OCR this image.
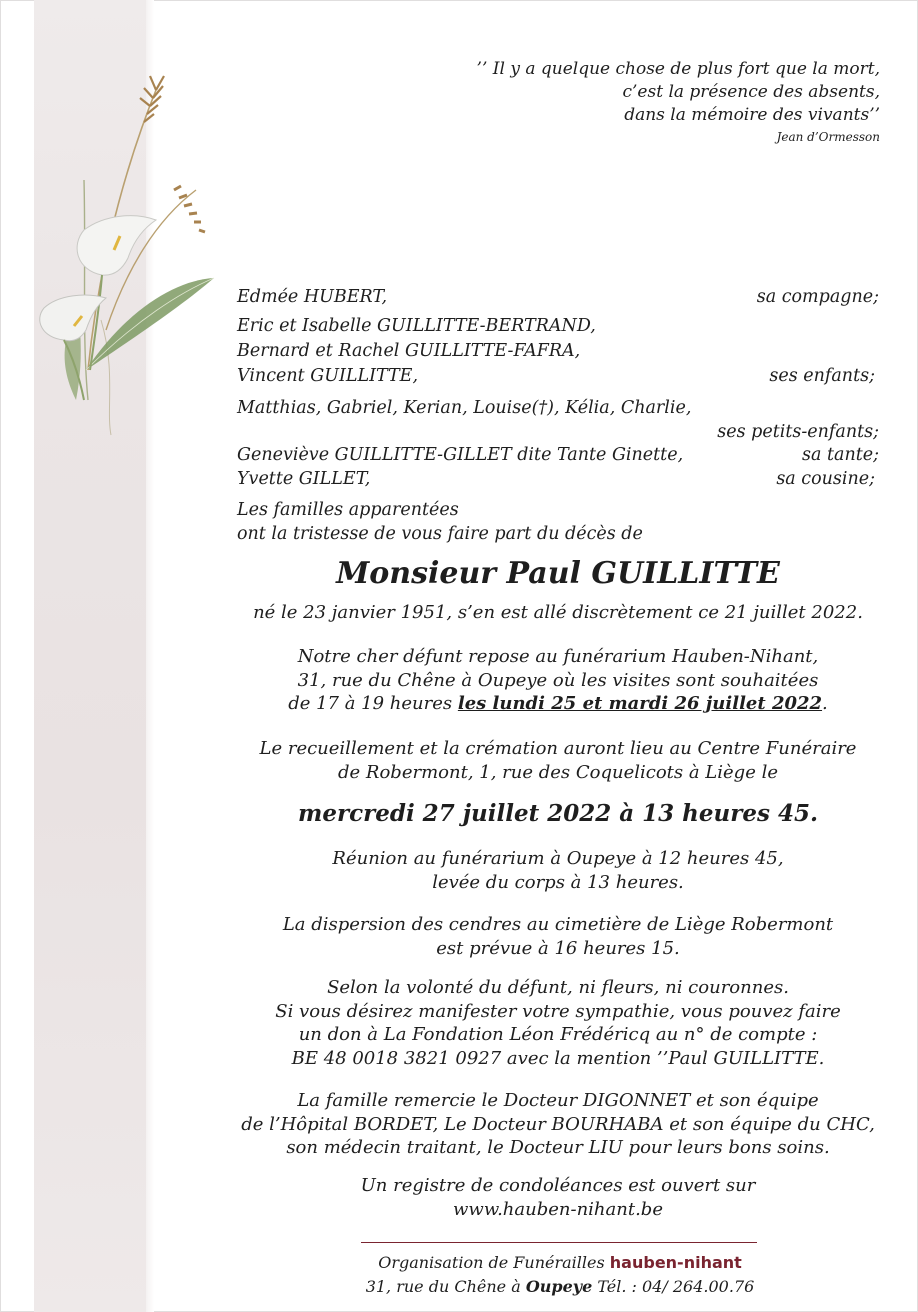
’’ Il y a quelque chose de plus fort que la mort,
c’est la présence des absents,
dans la mémoire des vivants’’
Jean d’Ormesson
Edmée HUBERT,	sa compagne;
Eric et Isabelle GUILLITTE-BERTRAND,
Bernard et Rachel GUILLITTE-FAFRA,
Vincent GUILLITTE,	ses enfants;
Matthias, Gabriel, Kerian, Louise(†), Kélia, Charlie,
ses petits-enfants;
Geneviève GUILLITTE-GILLET dite Tante Ginette,	sa tante;
Yvette GILLET,	sa cousine;
Les familles apparentées
ont la tristesse de vous faire part du décès de
Monsieur Paul GUILLITTE
né le 23 janvier 1951, s’en est allé discrètement ce 21 juillet 2022.
Notre cher défunt repose au funérarium Hauben-Nihant,
31, rue du Chêne à Oupeye où les visites sont souhaitées
de 17 à 19 heures les lundi 25 et mardi 26 juillet 2022.
Le recueillement et la crémation auront lieu au Centre Funéraire
de Robermont, 1, rue des Coquelicots à Liège le
mercredi 27 juillet 2022 à 13 heures 45.
Réunion au funérarium à Oupeye à 12 heures 45,
levée du corps à 13 heures.
La dispersion des cendres au cimetière de Liège Robermont
est prévue à 16 heures 15.
Selon la volonté du défunt, ni fleurs, ni couronnes.
Si vous désirez manifester votre sympathie, vous pouvez faire
un don à La Fondation Léon Frédéricq au n° de compte :
BE 48 0018 3821 0927 avec la mention ’’Paul GUILLITTE.
La famille remercie le Docteur DIGONNET et son équipe
de l’Hôpital BORDET, Le Docteur BOURHABA et son équipe du CHC,
son médecin traitant, le Docteur LIU pour leurs bons soins.
Un registre de condoléances est ouvert sur
www.hauben-nihant.be
Organisation de Funérailles hauben-nihant
31, rue du Chêne à Oupeye Tél. : 04/ 264.00.76
